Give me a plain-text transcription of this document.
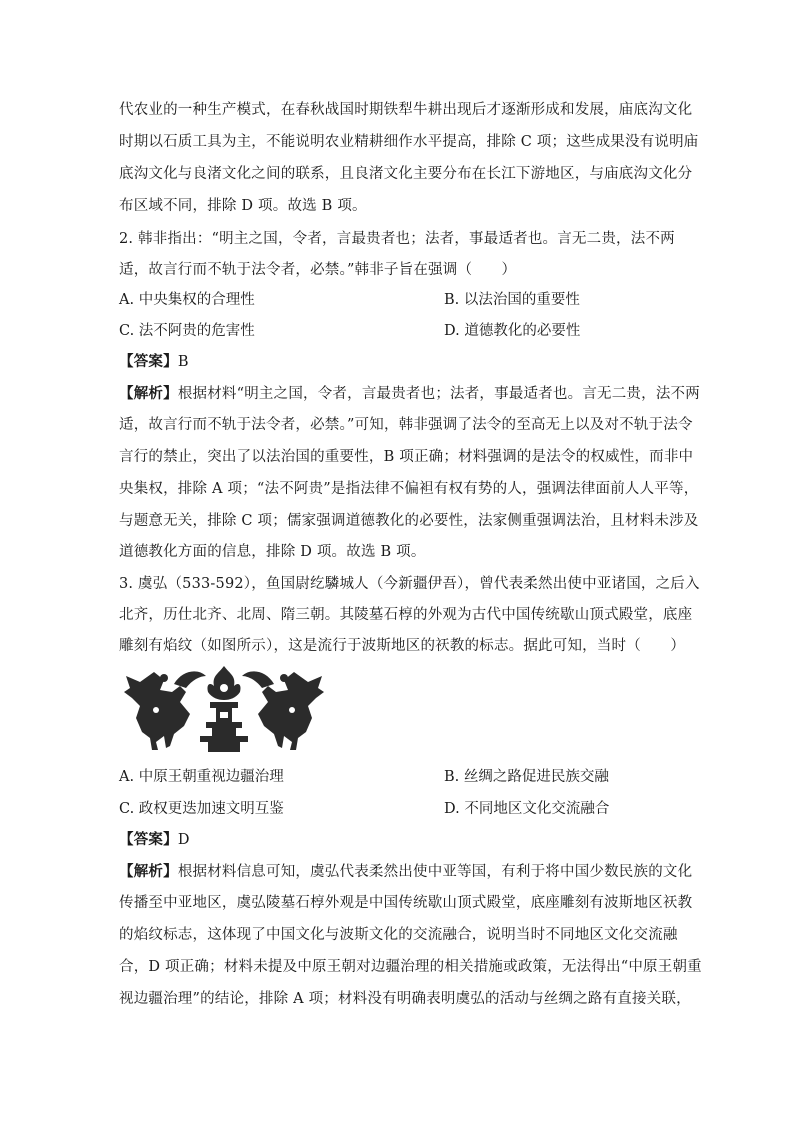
代农业的一种生产模式，在春秋战国时期铁犁牛耕出现后才逐渐形成和发展，庙底沟文化
时期以石质工具为主，不能说明农业精耕细作水平提高，排除 C 项；这些成果没有说明庙
底沟文化与良渚文化之间的联系，且良渚文化主要分布在长江下游地区，与庙底沟文化分
布区域不同，排除 D 项。故选 B 项。
2. 韩非指出：“明主之国，令者，言最贵者也；法者，事最适者也。言无二贵，法不两
适，故言行而不轨于法令者，必禁。”韩非子旨在强调（　　）
A. 中央集权的合理性	B. 以法治国的重要性
C. 法不阿贵的危害性	D. 道德教化的必要性
【答案】B
【解析】根据材料“明主之国，令者，言最贵者也；法者，事最适者也。言无二贵，法不两
适，故言行而不轨于法令者，必禁。”可知，韩非强调了法令的至高无上以及对不轨于法令
言行的禁止，突出了以法治国的重要性，B 项正确；材料强调的是法令的权威性，而非中
央集权，排除 A 项；“法不阿贵”是指法律不偏袒有权有势的人，强调法律面前人人平等，
与题意无关，排除 C 项；儒家强调道德教化的必要性，法家侧重强调法治，且材料未涉及
道德教化方面的信息，排除 D 项。故选 B 项。
3. 虞弘（533-592），鱼国尉纥驎城人（今新疆伊吾），曾代表柔然出使中亚诸国，之后入
北齐，历仕北齐、北周、隋三朝。其陵墓石椁的外观为古代中国传统歇山顶式殿堂，底座
雕刻有焰纹（如图所示），这是流行于波斯地区的祆教的标志。据此可知，当时（　　）
A. 中原王朝重视边疆治理	B. 丝绸之路促进民族交融
C. 政权更迭加速文明互鉴	D. 不同地区文化交流融合
【答案】D
【解析】根据材料信息可知，虞弘代表柔然出使中亚等国，有利于将中国少数民族的文化
传播至中亚地区，虞弘陵墓石椁外观是中国传统歇山顶式殿堂，底座雕刻有波斯地区祆教
的焰纹标志，这体现了中国文化与波斯文化的交流融合，说明当时不同地区文化交流融
合，D 项正确；材料未提及中原王朝对边疆治理的相关措施或政策，无法得出“中原王朝重
视边疆治理”的结论，排除 A 项；材料没有明确表明虞弘的活动与丝绸之路有直接关联，
